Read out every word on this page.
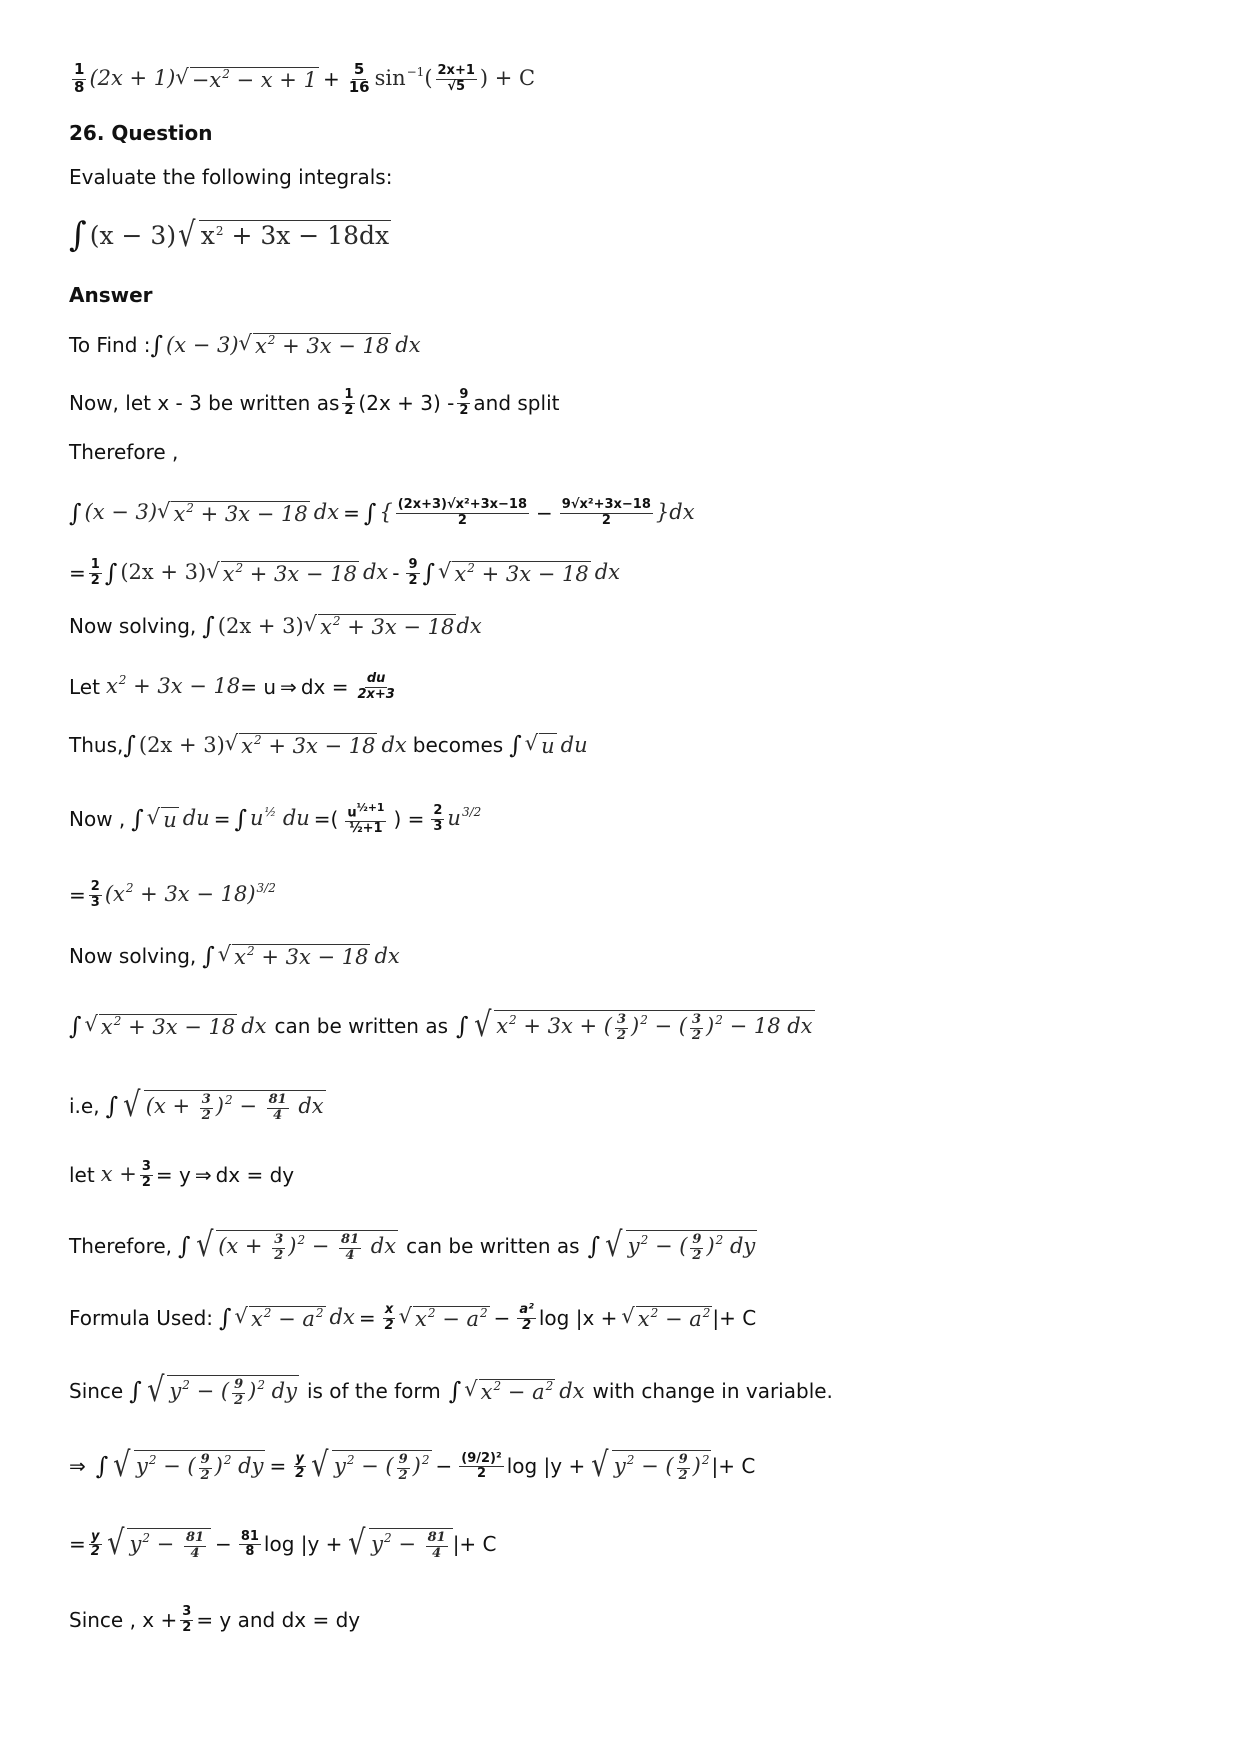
$\frac{1}{8} (2x + 1)$ √ $-x^2 - x + 1 + \frac{5}{16} \sin^{-1}( \frac{2x+1}{√5}$ ) + C
26. Question
Evaluate the following integrals:
∫ (x − 3) √ $x^2 + 3x - 18dx$
Answer
To Find : ∫ (x − 3) √ $x^2 + 3x - 18$ dx
Now, let x - 3 be written as $\frac{1}{2} (2x + 3) - \frac{9}{2}$ and split
Therefore ,
∫ (x − 3) √ $x^2 + 3x - 18$ dx = ∫ { $\frac{\text{(2x+3)√x²+3x−18}}{2} - \frac{\text{9√x²+3x−18}}{2} \}dx$
= $\frac{1}{2}$ ∫ (2x + 3) √ $x^2 + 3x - 18$ dx - $\frac{9}{2}$ ∫ √ $x^2 + 3x - 18$ dx
Now solving, ∫ (2x + 3) √ $x^2 + 3x - 18$ dx
Let $x^2 + 3x - 18 = u$ ⇒ dx = $\frac{du}{2x+3}$
Thus, ∫ (2x + 3) √ $x^2 + 3x - 18$ dx becomes ∫ √ u du
Now , ∫ √ u du = ∫ $u^{\frac{1}{2}}$ du =( $\frac{u^{\frac{1}{2}+1}}{\text{½+1}}$ ) = $\frac{2}{3} u^{3/2}$
= $\frac{2}{3} (x^2 + 3x - 18)^{3/2}$
Now solving, ∫ √ $x^2 + 3x - 18$ dx
∫ √ $x^2 + 3x - 18$ dx can be written as ∫ √ $x^2 + 3x$ + ( $\frac{3}{2} )^2$ − ( $\frac{3}{2} )^2 - 18$ dx
i.e, ∫ √ $(x + \frac{3}{2} )^2 - \frac{81}{4}$ dx
let $x + \frac{3}{2} = y$ ⇒ dx = dy
Therefore, ∫ √ $(x + \frac{3}{2} )^2 - \frac{81}{4}$ dx can be written as ∫ √ $y^2$ − ( $\frac{9}{2} )^2$ dy
Formula Used: ∫ √ $x^2 - a^2$ dx = $\frac{x}{2}$ √ $x^2 - a^2 - \frac{\text{a²}}{2}$ log |x + √ $x^2 - a^2$ |+ C
Since ∫ √ $y^2$ − ( $\frac{9}{2} )^2$ dy is of the form ∫ √ $x^2 - a^2$ dx with change in variable.
⇒ ∫ √ $y^2$ − ( $\frac{9}{2} )^2$ dy = $\frac{y}{2}$ √ $y^2$ − ( $\frac{9}{2} )^2 - \frac{\text{(9/2)²}}{2}$ log |y + √ $y^2$ − ( $\frac{9}{2} )^2$ |+ C
= $\frac{y}{2}$ √ $y^2 - \frac{81}{4} - \frac{81}{8}$ log |y + √ $y^2 - \frac{81}{4}$ |+ C
Since , $x + \frac{3}{2} = y$ and dx = dy
